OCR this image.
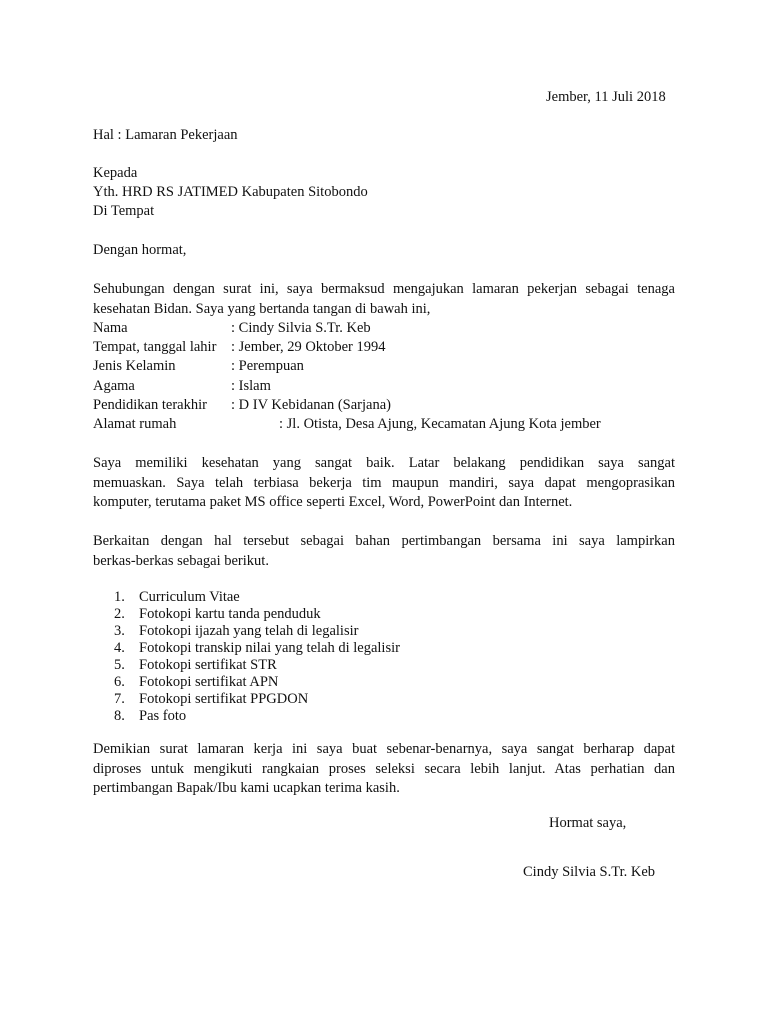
Jember, 11 Juli 2018
Hal : Lamaran Pekerjaan
Kepada
Yth. HRD RS JATIMED Kabupaten Sitobondo
Di Tempat
Dengan hormat,
Sehubungan dengan surat ini, saya bermaksud mengajukan lamaran pekerjan sebagai tenaga
kesehatan Bidan. Saya yang bertanda tangan di bawah ini,
Nama	: Cindy Silvia S.Tr. Keb
Tempat, tanggal lahir : Jember, 29 Oktober 1994
Jenis Kelamin	: Perempuan
Agama	: Islam
Pendidikan terakhir : D IV Kebidanan (Sarjana)
Alamat rumah	: Jl. Otista, Desa Ajung, Kecamatan Ajung Kota jember
Saya memiliki kesehatan yang sangat baik. Latar belakang pendidikan saya sangat
memuaskan. Saya telah terbiasa bekerja tim maupun mandiri, saya dapat mengoprasikan
komputer, terutama paket MS office seperti Excel, Word, PowerPoint dan Internet.
Berkaitan dengan hal tersebut sebagai bahan pertimbangan bersama ini saya lampirkan
berkas-berkas sebagai berikut.
1. Curriculum Vitae
2. Fotokopi kartu tanda penduduk
3. Fotokopi ijazah yang telah di legalisir
4. Fotokopi transkip nilai yang telah di legalisir
5. Fotokopi sertifikat STR
6. Fotokopi sertifikat APN
7. Fotokopi sertifikat PPGDON
8. Pas foto
Demikian surat lamaran kerja ini saya buat sebenar-benarnya, saya sangat berharap dapat
diproses untuk mengikuti rangkaian proses seleksi secara lebih lanjut. Atas perhatian dan
pertimbangan Bapak/Ibu kami ucapkan terima kasih.
Hormat saya,
Cindy Silvia S.Tr. Keb
